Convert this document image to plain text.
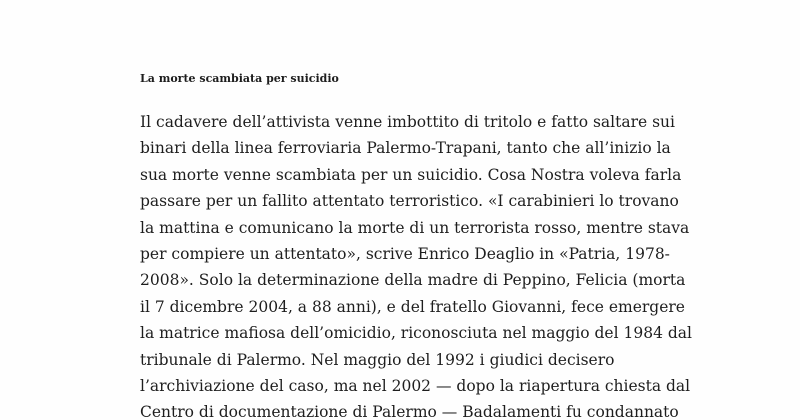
La morte scambiata per suicidio
Il cadavere dell’attivista venne imbottito di tritolo e fatto saltare sui
binari della linea ferroviaria Palermo-Trapani, tanto che all’inizio la
sua morte venne scambiata per un suicidio. Cosa Nostra voleva farla
passare per un fallito attentato terroristico. «I carabinieri lo trovano
la mattina e comunicano la morte di un terrorista rosso, mentre stava
per compiere un attentato», scrive Enrico Deaglio in «Patria, 1978-
2008». Solo la determinazione della madre di Peppino, Felicia (morta
il 7 dicembre 2004, a 88 anni), e del fratello Giovanni, fece emergere
la matrice mafiosa dell’omicidio, riconosciuta nel maggio del 1984 dal
tribunale di Palermo. Nel maggio del 1992 i giudici decisero
l’archiviazione del caso, ma nel 2002 — dopo la riapertura chiesta dal
Centro di documentazione di Palermo — Badalamenti fu condannato
